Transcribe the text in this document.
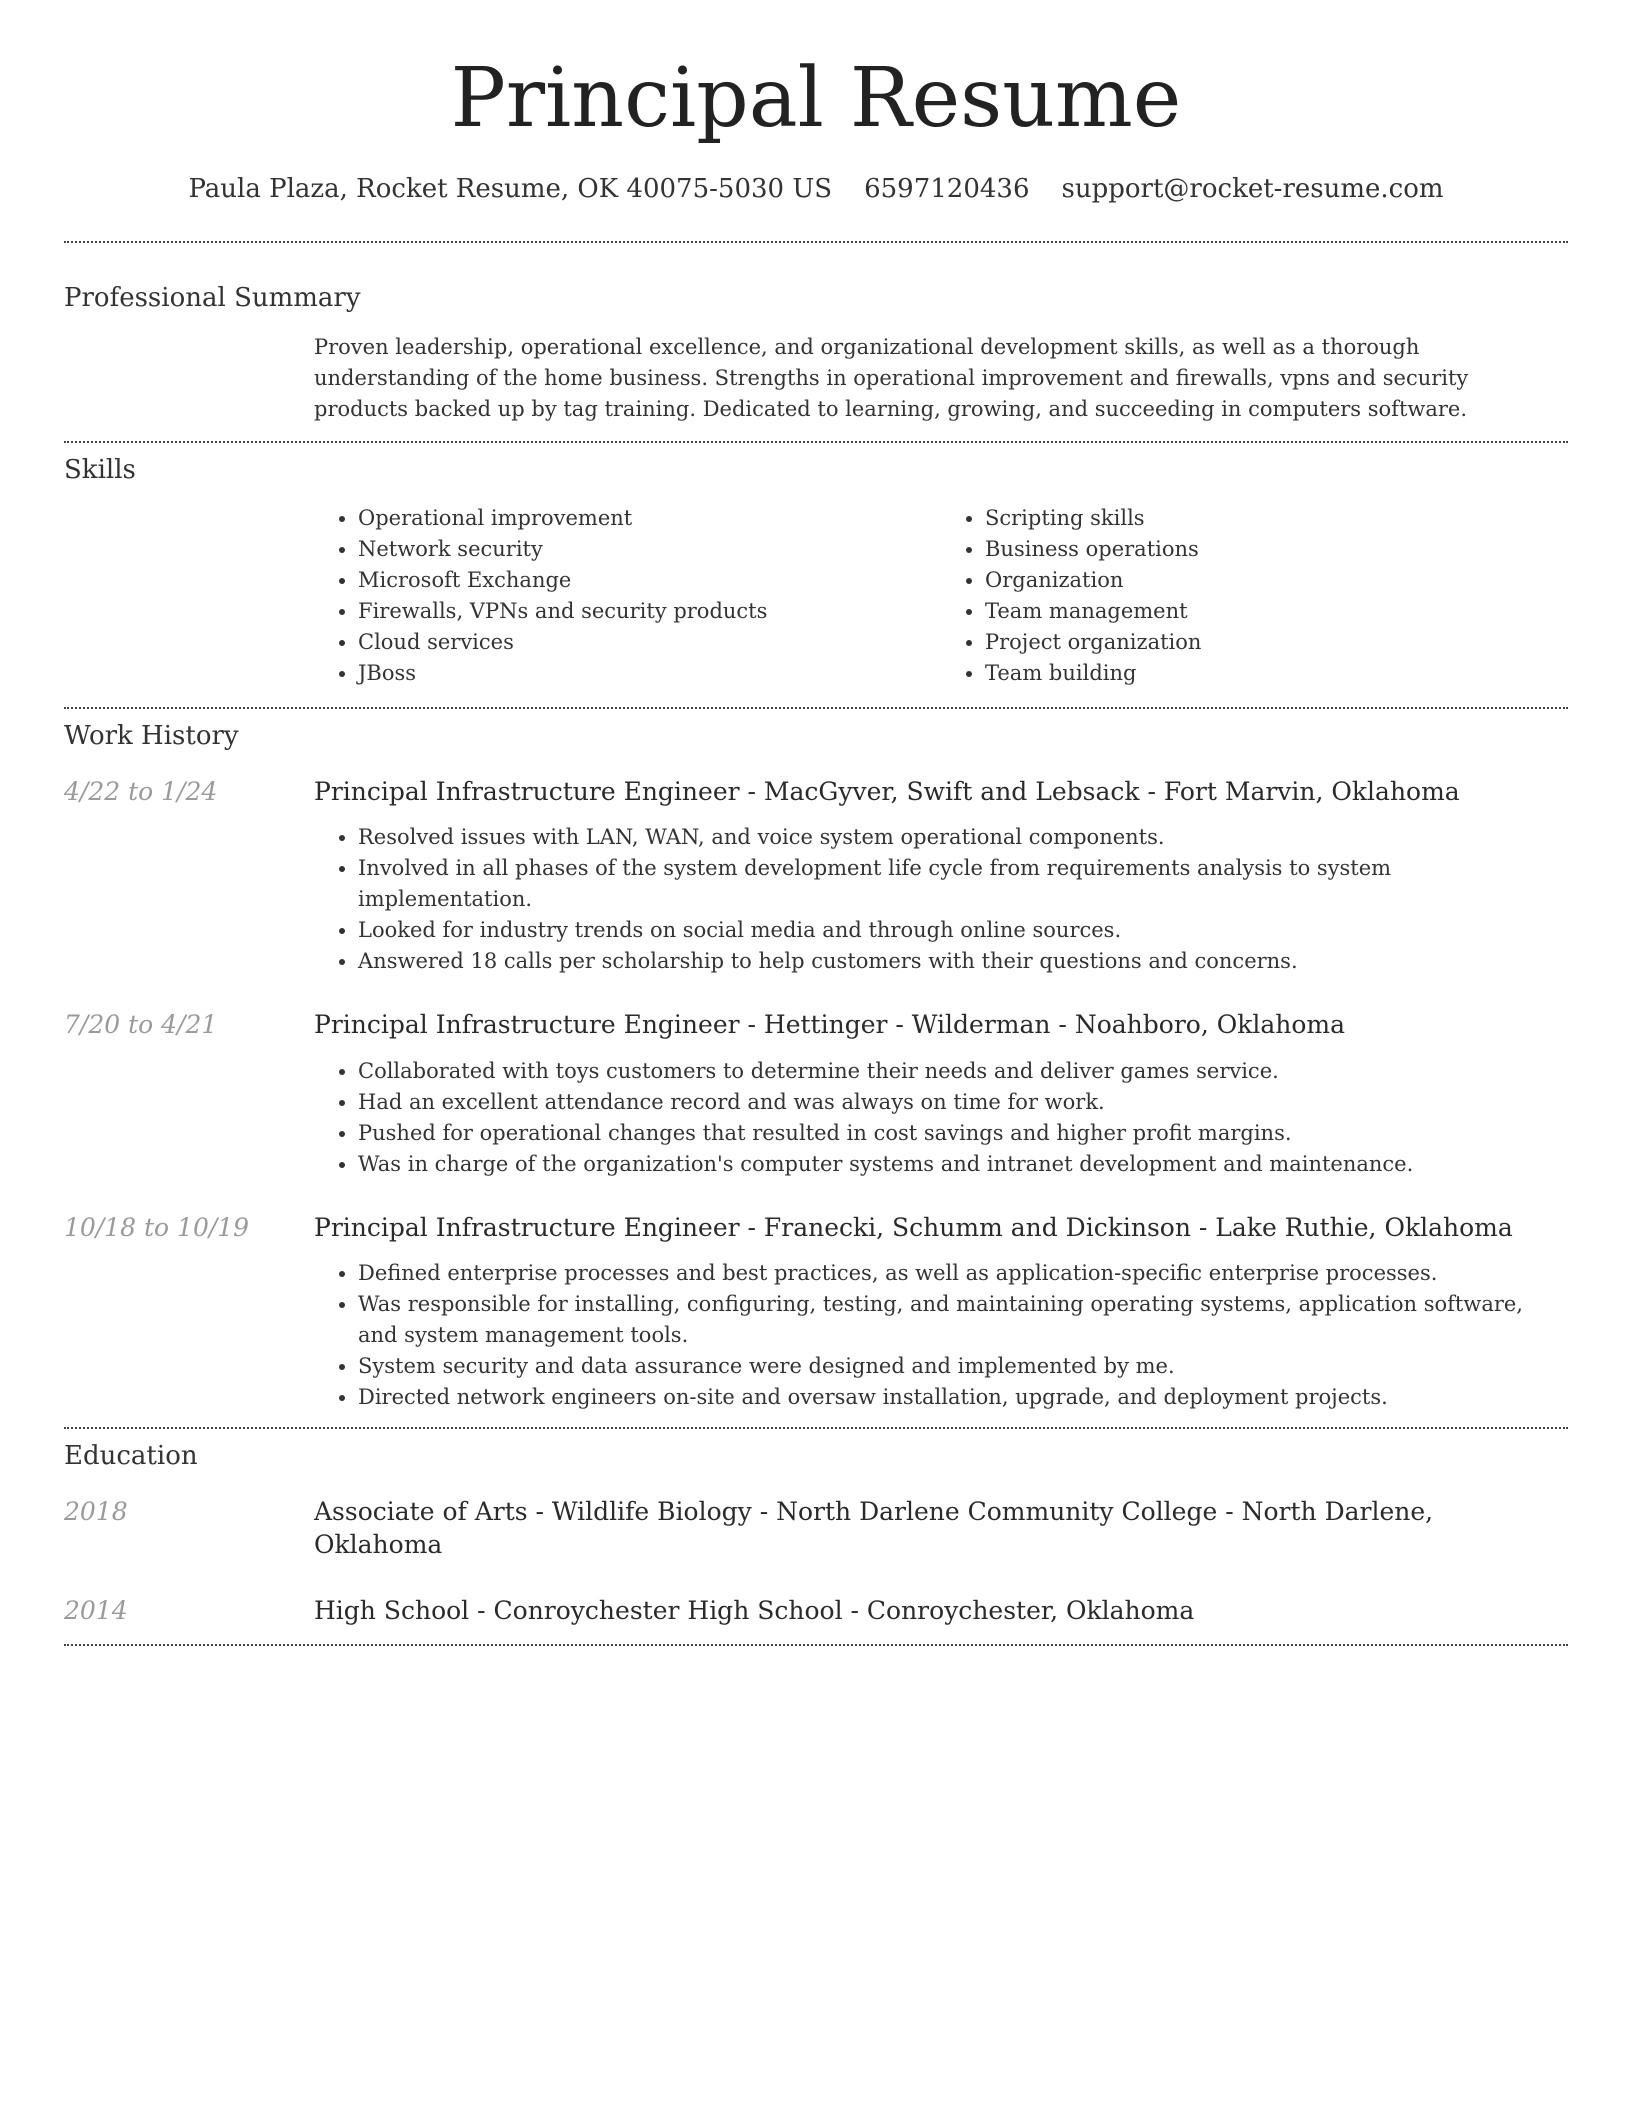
Principal Resume
Paula Plaza, Rocket Resume, OK 40075-5030 US 6597120436 support@rocket-resume.com
Professional Summary

Proven leadership, operational excellence, and organizational development skills, as well as a thorough understanding of the home business. Strengths in operational improvement and firewalls, vpns and security products backed up by tag training. Dedicated to learning, growing, and succeeding in computers software.

Skills
• Operational improvement
• Network security
• Microsoft Exchange
• Firewalls, VPNs and security products
• Cloud services
• JBoss
• Scripting skills
• Business operations
• Organization
• Team management
• Project organization
• Team building
Work History
4/22 to 1/24	Principal Infrastructure Engineer - MacGyver, Swift and Lebsack - Fort Marvin, Oklahoma
• Resolved issues with LAN, WAN, and voice system operational components.
• Involved in all phases of the system development life cycle from requirements analysis to system implementation.
• Looked for industry trends on social media and through online sources.
• Answered 18 calls per scholarship to help customers with their questions and concerns.
7/20 to 4/21	Principal Infrastructure Engineer - Hettinger - Wilderman - Noahboro, Oklahoma
• Collaborated with toys customers to determine their needs and deliver games service.
• Had an excellent attendance record and was always on time for work.
• Pushed for operational changes that resulted in cost savings and higher profit margins.
• Was in charge of the organization's computer systems and intranet development and maintenance.
10/18 to 10/19	Principal Infrastructure Engineer - Franecki, Schumm and Dickinson - Lake Ruthie, Oklahoma
• Defined enterprise processes and best practices, as well as application-specific enterprise processes.
• Was responsible for installing, configuring, testing, and maintaining operating systems, application software, and system management tools.
• System security and data assurance were designed and implemented by me.
• Directed network engineers on-site and oversaw installation, upgrade, and deployment projects.
Education
2018	Associate of Arts - Wildlife Biology - North Darlene Community College - North Darlene, Oklahoma
2014	High School - Conroychester High School - Conroychester, Oklahoma
